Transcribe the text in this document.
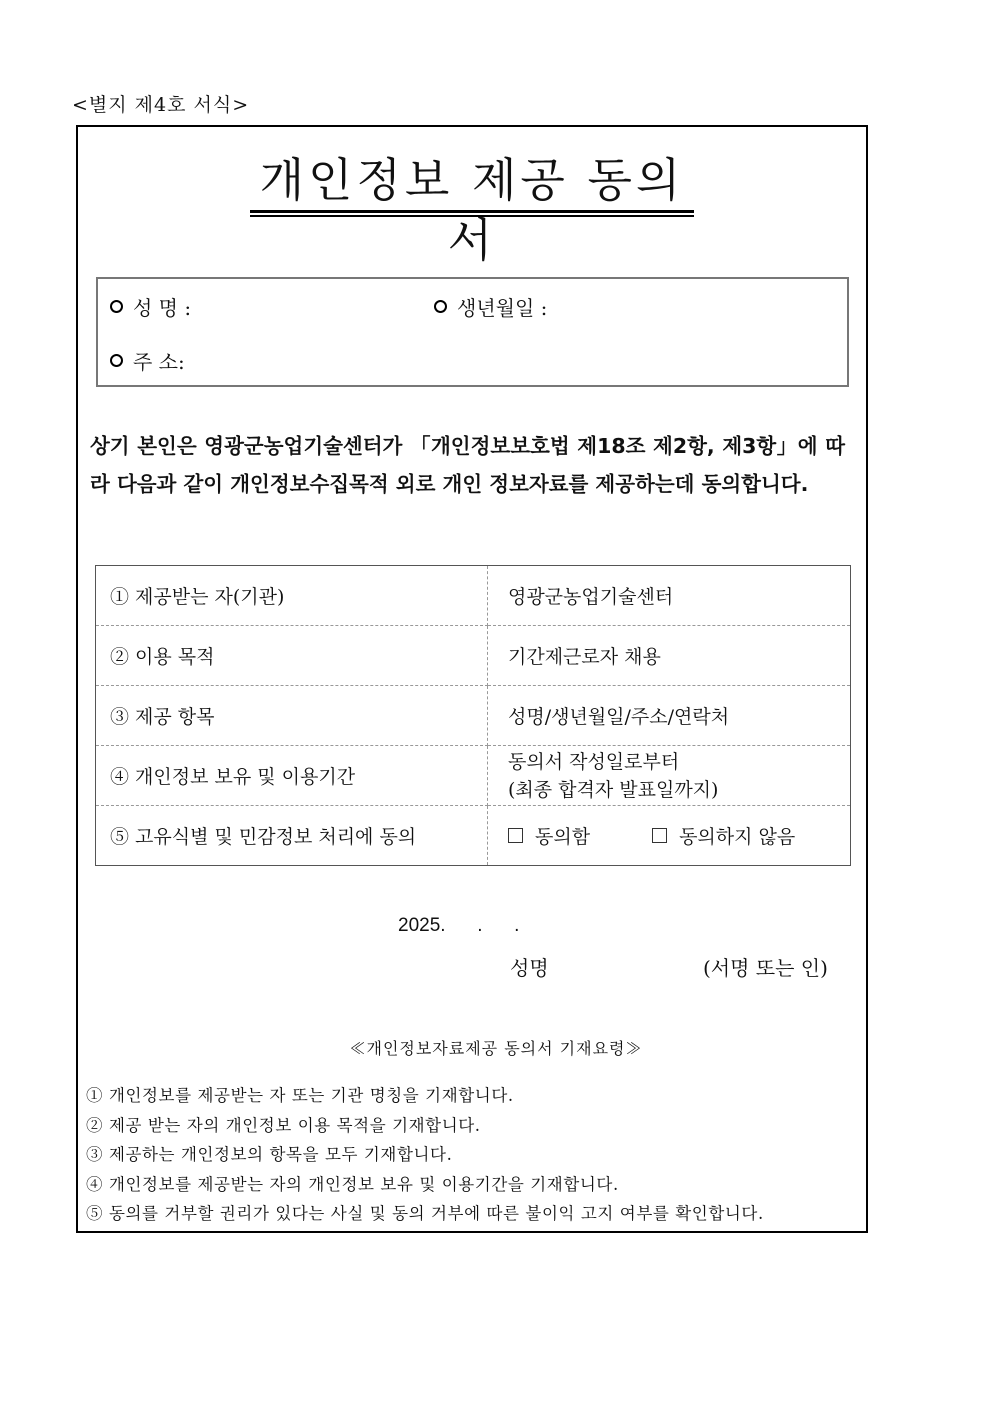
<별지 제4호 서식>
개인정보 제공 동의서
성 명 :	생년월일 :
주 소:
상기 본인은 영광군농업기술센터가 「개인정보보호법 제18조 제2항, 제3항」에 따라 다음과 같이 개인정보수집목적 외로 개인 정보자료를 제공하는데 동의합니다.
① 제공받는 자(기관)	영광군농업기술센터
② 이용 목적	기간제근로자 채용
③ 제공 항목	성명/생년월일/주소/연락처
④ 개인정보 보유 및 이용기간	동의서 작성일로부터
(최종 합격자 발표일까지)

⑤ 고유식별 및 민감정보 처리에 동의	동의함 동의하지 않음
2025.      .      .
성명	(서명 또는 인)
≪개인정보자료제공 동의서 기재요령≫
① 개인정보를 제공받는 자 또는 기관 명칭을 기재합니다.
② 제공 받는 자의 개인정보 이용 목적을 기재합니다.
③ 제공하는 개인정보의 항목을 모두 기재합니다.
④ 개인정보를 제공받는 자의 개인정보 보유 및 이용기간을 기재합니다.
⑤ 동의를 거부할 권리가 있다는 사실 및 동의 거부에 따른 불이익 고지 여부를 확인합니다.
